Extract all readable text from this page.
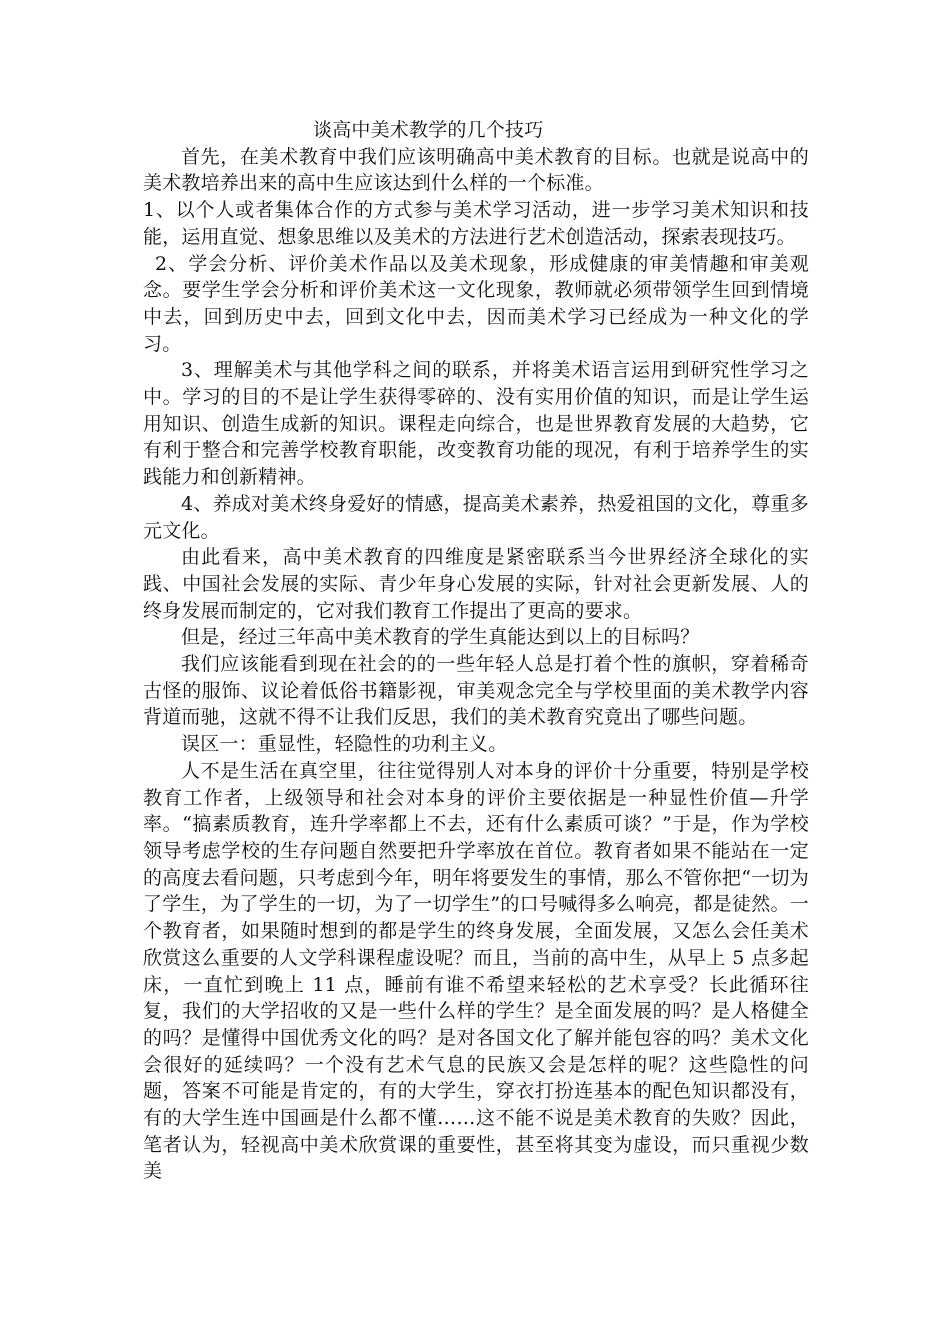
谈高中美术教学的几个技巧

首先，在美术教育中我们应该明确高中美术教育的目标。也就是说高中的美术教培养出来的高中生应该达到什么样的一个标准。

1、以个人或者集体合作的方式参与美术学习活动，进一步学习美术知识和技能，运用直觉、想象思维以及美术的方法进行艺术创造活动，探索表现技巧。

2、学会分析、评价美术作品以及美术现象，形成健康的审美情趣和审美观念。要学生学会分析和评价美术这一文化现象，教师就必须带领学生回到情境中去，回到历史中去，回到文化中去，因而美术学习已经成为一种文化的学习。

3、理解美术与其他学科之间的联系，并将美术语言运用到研究性学习之中。学习的目的不是让学生获得零碎的、没有实用价值的知识，而是让学生运用知识、创造生成新的知识。课程走向综合，也是世界教育发展的大趋势，它有利于整合和完善学校教育职能，改变教育功能的现况，有利于培养学生的实践能力和创新精神。

4、养成对美术终身爱好的情感，提高美术素养，热爱祖国的文化，尊重多元文化。

由此看来，高中美术教育的四维度是紧密联系当今世界经济全球化的实践、中国社会发展的实际、青少年身心发展的实际，针对社会更新发展、人的终身发展而制定的，它对我们教育工作提出了更高的要求。

但是，经过三年高中美术教育的学生真能达到以上的目标吗？

我们应该能看到现在社会的的一些年轻人总是打着个性的旗帜，穿着稀奇古怪的服饰、议论着低俗书籍影视，审美观念完全与学校里面的美术教学内容背道而驰，这就不得不让我们反思，我们的美术教育究竟出了哪些问题。

误区一：重显性，轻隐性的功利主义。

人不是生活在真空里，往往觉得别人对本身的评价十分重要，特别是学校教育工作者，上级领导和社会对本身的评价主要依据是一种显性价值—升学率。“搞素质教育，连升学率都上不去，还有什么素质可谈？”于是，作为学校领导考虑学校的生存问题自然要把升学率放在首位。教育者如果不能站在一定的高度去看问题，只考虑到今年，明年将要发生的事情，那么不管你把“一切为了学生，为了学生的一切，为了一切学生”的口号喊得多么响亮，都是徒然。一个教育者，如果随时想到的都是学生的终身发展，全面发展，又怎么会任美术欣赏这么重要的人文学科课程虚设呢？而且，当前的高中生，从早上 5 点多起床，一直忙到晚上 11 点，睡前有谁不希望来轻松的艺术享受？长此循环往复，我们的大学招收的又是一些什么样的学生？是全面发展的吗？是人格健全的吗？是懂得中国优秀文化的吗？是对各国文化了解并能包容的吗？美术文化会很好的延续吗？一个没有艺术气息的民族又会是怎样的呢？这些隐性的问题，答案不可能是肯定的，有的大学生，穿衣打扮连基本的配色知识都没有，有的大学生连中国画是什么都不懂……这不能不说是美术教育的失败？因此，笔者认为，轻视高中美术欣赏课的重要性，甚至将其变为虚设，而只重视少数美
